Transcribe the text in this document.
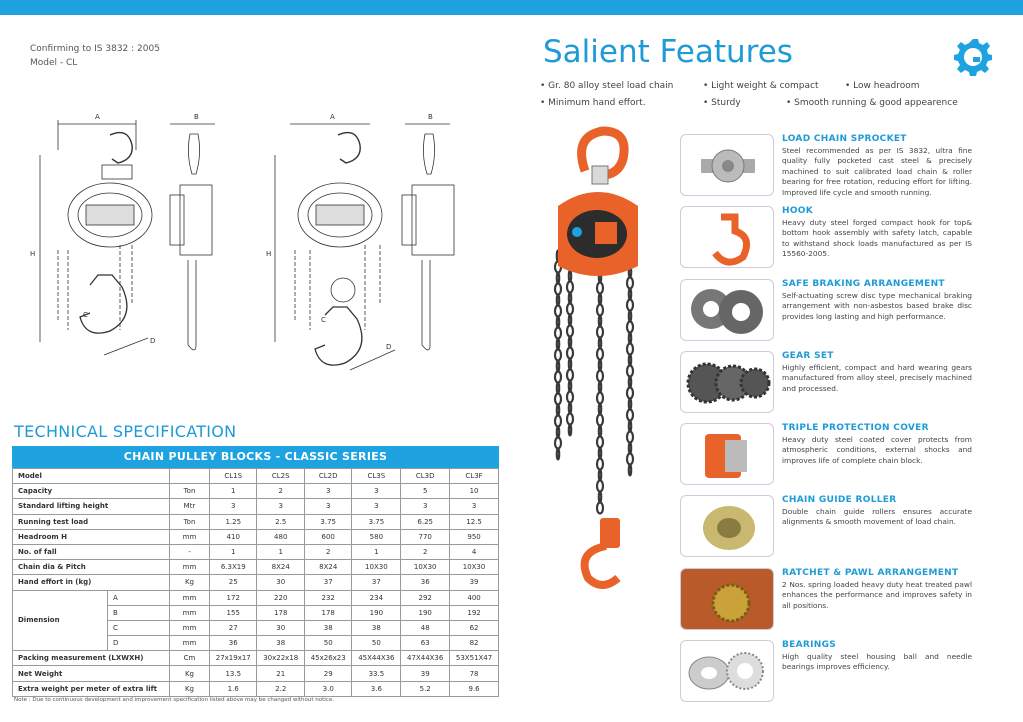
Confirming to IS 3832 : 2005
Model - CL	Salient Features
• Gr. 80 alloy steel load chain	• Light weight & compact	• Low headroom
• Minimum hand effort.	• Sturdy	• Smooth running & good appearence
A	B	A	B
H	H
C
C
D
D
TECHNICAL SPECIFICATION
CHAIN PULLEY BLOCKS - CLASSIC SERIES
Model			CL1S	CL2S	CL2D	CL3S	CL3D	CL3F
Capacity		Ton	1	2	3	3	5	10
Standard lifting height		Mtr	3	3	3	3	3	3
Running test load		Ton	1.25	2.5	3.75	3.75	6.25	12.5
Headroom H		mm	410	480	600	580	770	950
No. of fall		-	1	1	2	1	2	4
Chain dia & Pitch		mm	6.3X19	8X24	8X24	10X30	10X30	10X30
Hand effort in (kg)		Kg	25	30	37	37	36	39
Dimension	A	mm	172	220	232	234	292	400
	B	mm	155	178	178	190	190	192
	C	mm	27	30	38	38	48	62
	D	mm	36	38	50	50	63	82
Packing measurement (LXWXH)		Cm	27x19x17	30x22x18	45x26x23	45X44X36	47X44X36	53X51X47
Net Weight		Kg	13.5	21	29	33.5	39	78
Extra weight per meter of extra lift		Kg	1.6	2.2	3.0	3.6	5.2	9.6
Note : Due to continuous development and improvement specification listed above may be changed without notice.
LOAD CHAIN SPROCKET
Steel recommended as per IS 3832, ultra fine quality fully pocketed cast steel & precisely machined to suit calibrated load chain & roller bearing for free rotation, reducing effort for lifting. Improved life cycle and smooth running.
HOOK
Heavy duty steel forged compact hook for top& bottom hook assembly with safety latch, capable to withstand shock loads manufactured as per IS 15560-2005.
SAFE BRAKING ARRANGEMENT
Self-actuating screw disc type mechanical braking arrangement with non-asbestos based brake disc provides long lasting and high performance.
GEAR SET
Highly efficient, compact and hard wearing gears manufactured from alloy steel, precisely machined and processed.
TRIPLE PROTECTION COVER
Heavy duty steel coated cover protects from atmospheric conditions, external shocks and improves life of complete chain block.
CHAIN GUIDE ROLLER
Double chain guide rollers ensures accurate alignments & smooth movement of load chain.
RATCHET & PAWL ARRANGEMENT
2 Nos. spring loaded heavy duty heat treated pawl enhances the performance and improves safety in all positions.
BEARINGS
High quality steel housing ball and needle bearings improves efficiency.
